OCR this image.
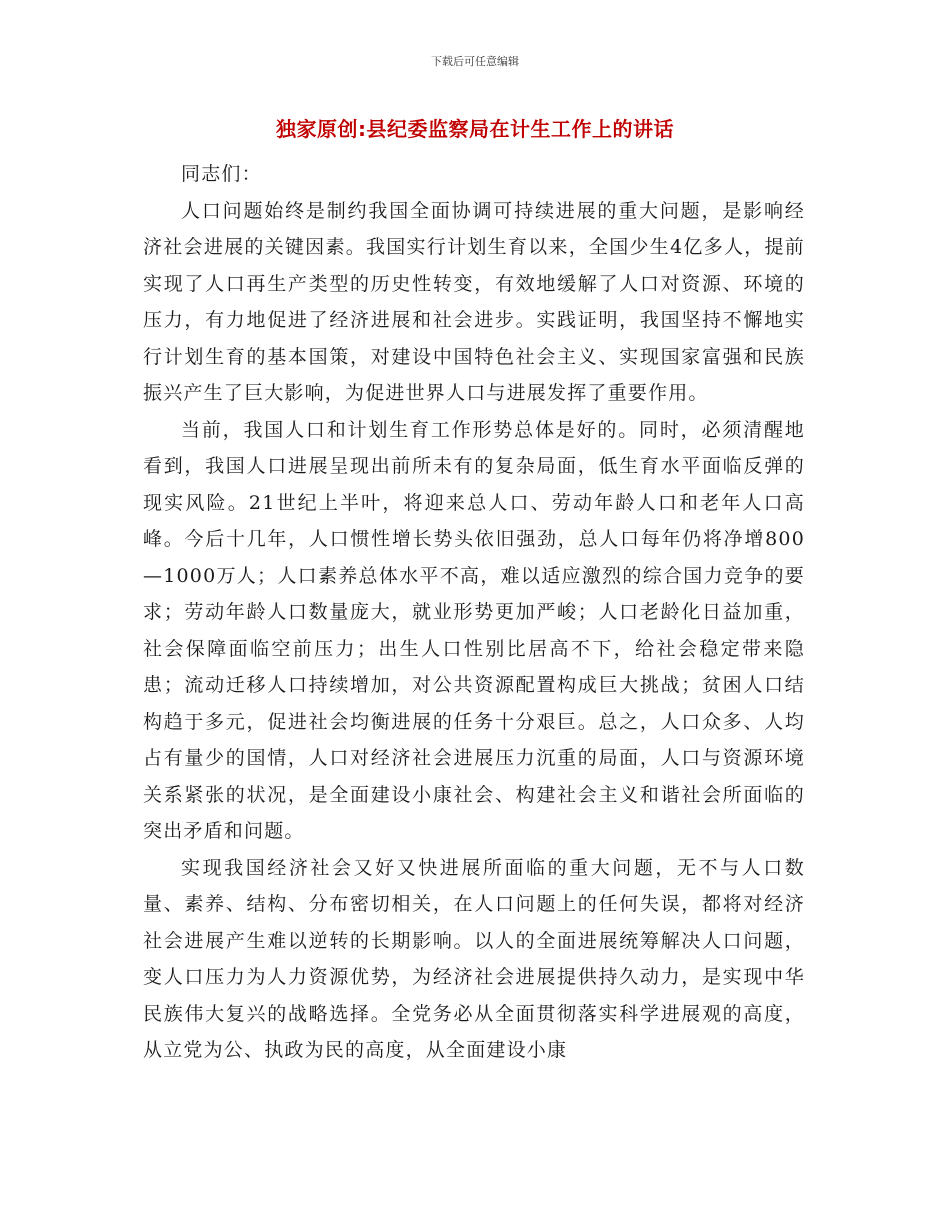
下载后可任意编辑
独家原创:县纪委监察局在计生工作上的讲话

同志们：

人口问题始终是制约我国全面协调可持续进展的重大问题，是影响经济社会进展的关键因素。我国实行计划生育以来，全国少生4亿多人，提前实现了人口再生产类型的历史性转变，有效地缓解了人口对资源、环境的压力，有力地促进了经济进展和社会进步。实践证明，我国坚持不懈地实行计划生育的基本国策，对建设中国特色社会主义、实现国家富强和民族振兴产生了巨大影响，为促进世界人口与进展发挥了重要作用。

当前，我国人口和计划生育工作形势总体是好的。同时，必须清醒地看到，我国人口进展呈现出前所未有的复杂局面，低生育水平面临反弹的现实风险。21世纪上半叶，将迎来总人口、劳动年龄人口和老年人口高峰。今后十几年，人口惯性增长势头依旧强劲，总人口每年仍将净增800—1000万人；人口素养总体水平不高，难以适应激烈的综合国力竞争的要求；劳动年龄人口数量庞大，就业形势更加严峻；人口老龄化日益加重，社会保障面临空前压力；出生人口性别比居高不下，给社会稳定带来隐患；流动迁移人口持续增加，对公共资源配置构成巨大挑战；贫困人口结构趋于多元，促进社会均衡进展的任务十分艰巨。总之，人口众多、人均占有量少的国情，人口对经济社会进展压力沉重的局面，人口与资源环境关系紧张的状况，是全面建设小康社会、构建社会主义和谐社会所面临的突出矛盾和问题。

实现我国经济社会又好又快进展所面临的重大问题，无不与人口数量、素养、结构、分布密切相关，在人口问题上的任何失误，都将对经济社会进展产生难以逆转的长期影响。以人的全面进展统筹解决人口问题，变人口压力为人力资源优势，为经济社会进展提供持久动力，是实现中华民族伟大复兴的战略选择。全党务必从全面贯彻落实科学进展观的高度，从立党为公、执政为民的高度，从全面建设小康
